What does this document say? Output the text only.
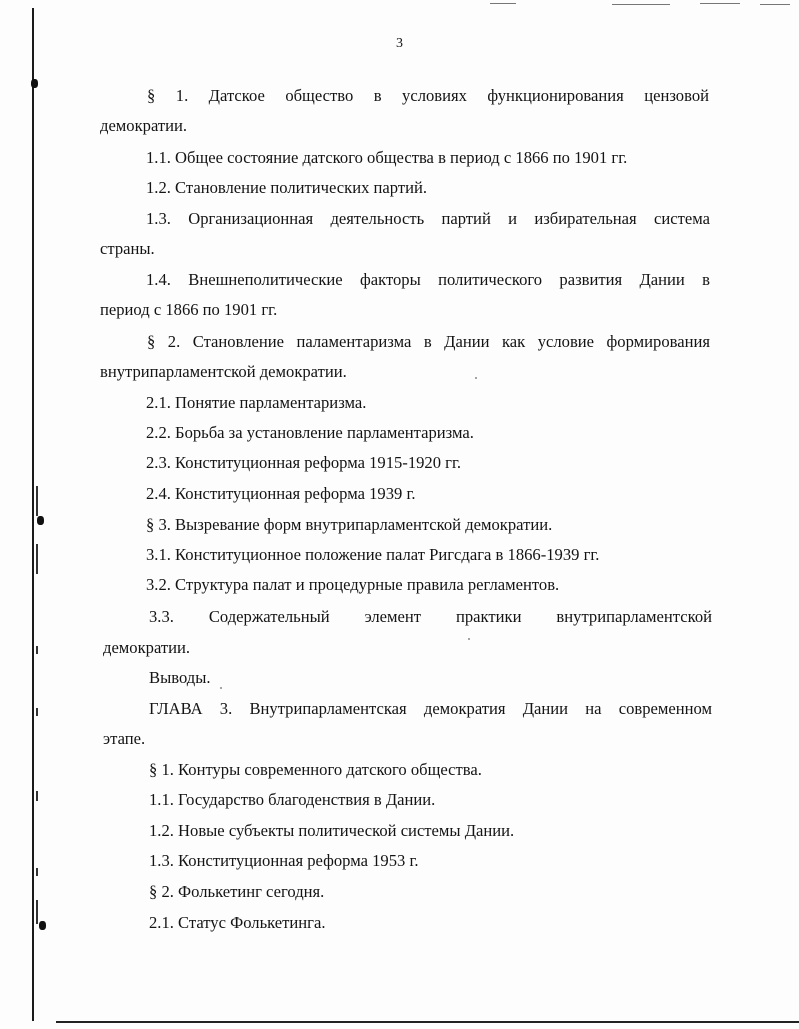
3
§ 1. Датское общество в условиях функционирования цензовой
демократии.
1.1. Общее состояние датского общества в период с 1866 по 1901 гг.
1.2. Становление политических партий.
1.3. Организационная деятельность партий и избирательная система
страны.
1.4. Внешнеполитические факторы политического развития Дании в
период с 1866 по 1901 гг.
§ 2. Становление паламентаризма в Дании как условие формирования
внутрипарламентской демократии.
2.1. Понятие парламентаризма.
2.2. Борьба за установление парламентаризма.
2.3. Конституционная реформа 1915-1920 гг.
2.4. Конституционная реформа 1939 г.
§ 3. Вызревание форм внутрипарламентской демократии.
3.1. Конституционное положение палат Ригсдага в 1866-1939 гг.
3.2. Структура палат и процедурные правила регламентов.
3.3. Содержательный элемент практики внутрипарламентской
демократии.
Выводы.
ГЛАВА 3. Внутрипарламентская демократия Дании на современном
этапе.
§ 1. Контуры современного датского общества.
1.1. Государство благоденствия в Дании.
1.2. Новые субъекты политической системы Дании.
1.3. Конституционная реформа 1953 г.
§ 2. Фолькетинг сегодня.
2.1. Статус Фолькетинга.
